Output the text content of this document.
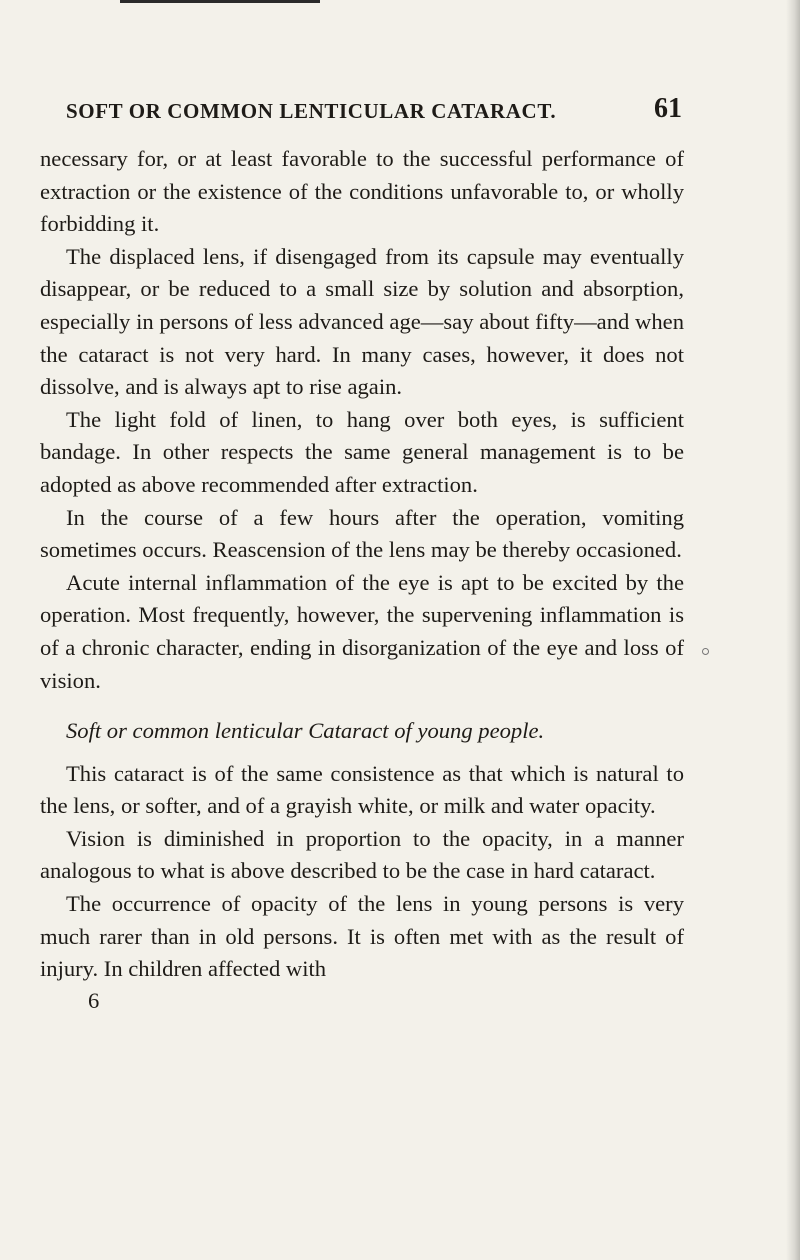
SOFT OR COMMON LENTICULAR CATARACT.	61

necessary for, or at least favorable to the successful performance of extraction or the existence of the conditions unfavorable to, or wholly forbidding it.

The displaced lens, if disengaged from its capsule may eventually disappear, or be reduced to a small size by solution and absorption, especially in persons of less advanced age—say about fifty—and when the cataract is not very hard. In many cases, however, it does not dissolve, and is always apt to rise again.

The light fold of linen, to hang over both eyes, is sufficient bandage. In other respects the same general management is to be adopted as above recommended after extraction.

In the course of a few hours after the operation, vomiting sometimes occurs. Reascension of the lens may be thereby occasioned.

Acute internal inflammation of the eye is apt to be excited by the operation. Most frequently, however, the supervening inflammation is of a chronic character, ending in disorganization of the eye and loss of vision.

Soft or common lenticular Cataract of young people.

This cataract is of the same consistence as that which is natural to the lens, or softer, and of a grayish white, or milk and water opacity.

Vision is diminished in proportion to the opacity, in a manner analogous to what is above described to be the case in hard cataract.

The occurrence of opacity of the lens in young persons is very much rarer than in old persons. It is often met with as the result of injury. In children affected with

6
